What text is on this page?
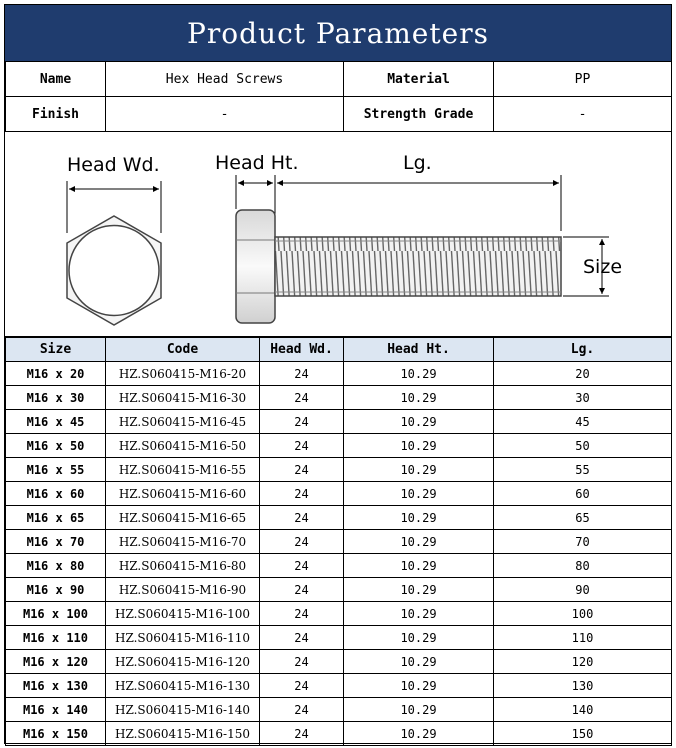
Product Parameters
Name	Hex Head Screws	Material	PP
Finish	-	Strength Grade	-
Head Wd.	Head Ht.	Lg.
Size
Size	Code	Head Wd.	Head Ht.	Lg.
M16 x 20	HZ.S060415-M16-20	24	10.29	20
M16 x 30	HZ.S060415-M16-30	24	10.29	30
M16 x 45	HZ.S060415-M16-45	24	10.29	45
M16 x 50	HZ.S060415-M16-50	24	10.29	50
M16 x 55	HZ.S060415-M16-55	24	10.29	55
M16 x 60	HZ.S060415-M16-60	24	10.29	60
M16 x 65	HZ.S060415-M16-65	24	10.29	65
M16 x 70	HZ.S060415-M16-70	24	10.29	70
M16 x 80	HZ.S060415-M16-80	24	10.29	80
M16 x 90	HZ.S060415-M16-90	24	10.29	90
M16 x 100	HZ.S060415-M16-100	24	10.29	100
M16 x 110	HZ.S060415-M16-110	24	10.29	110
M16 x 120	HZ.S060415-M16-120	24	10.29	120
M16 x 130	HZ.S060415-M16-130	24	10.29	130
M16 x 140	HZ.S060415-M16-140	24	10.29	140
M16 x 150	HZ.S060415-M16-150	24	10.29	150
